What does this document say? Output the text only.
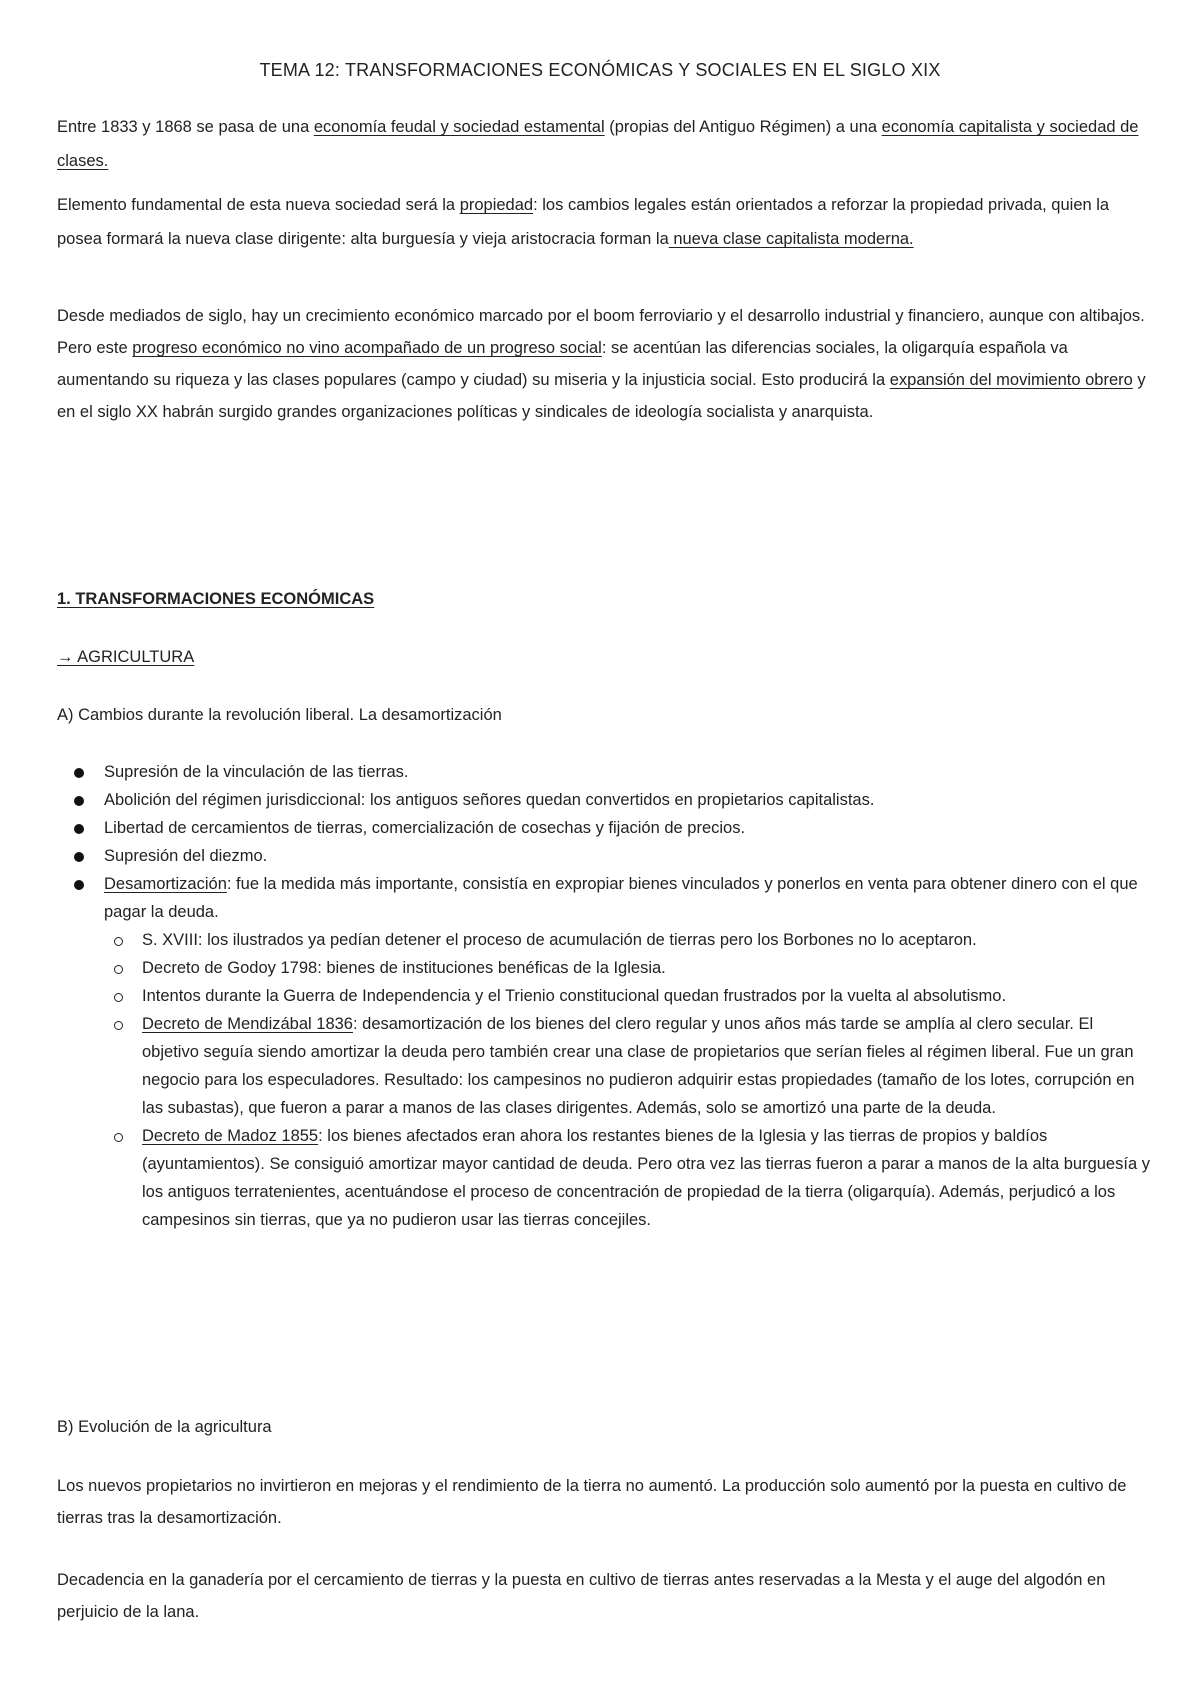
TEMA 12: TRANSFORMACIONES ECONÓMICAS Y SOCIALES EN EL SIGLO XIX

Entre 1833 y 1868 se pasa de una economía feudal y sociedad estamental (propias del Antiguo Régimen) a una economía capitalista y sociedad de clases.

Elemento fundamental de esta nueva sociedad será la propiedad: los cambios legales están orientados a reforzar la propiedad privada, quien la posea formará la nueva clase dirigente: alta burguesía y vieja aristocracia forman la nueva clase capitalista moderna.

Desde mediados de siglo, hay un crecimiento económico marcado por el boom ferroviario y el desarrollo industrial y financiero, aunque con altibajos. Pero este progreso económico no vino acompañado de un progreso social: se acentúan las diferencias sociales, la oligarquía española va aumentando su riqueza y las clases populares (campo y ciudad) su miseria y la injusticia social. Esto producirá la expansión del movimiento obrero y en el siglo XX habrán surgido grandes organizaciones políticas y sindicales de ideología socialista y anarquista.

1. TRANSFORMACIONES ECONÓMICAS
→ AGRICULTURA
A) Cambios durante la revolución liberal. La desamortización
Supresión de la vinculación de las tierras.
Abolición del régimen jurisdiccional: los antiguos señores quedan convertidos en propietarios capitalistas.
Libertad de cercamientos de tierras, comercialización de cosechas y fijación de precios.
Supresión del diezmo.
Desamortización: fue la medida más importante, consistía en expropiar bienes vinculados y ponerlos en venta para obtener dinero con el que pagar la deuda.
S. XVIII: los ilustrados ya pedían detener el proceso de acumulación de tierras pero los Borbones no lo aceptaron.
Decreto de Godoy 1798: bienes de instituciones benéficas de la Iglesia.
Intentos durante la Guerra de Independencia y el Trienio constitucional quedan frustrados por la vuelta al absolutismo.
Decreto de Mendizábal 1836: desamortización de los bienes del clero regular y unos años más tarde se amplía al clero secular. El objetivo seguía siendo amortizar la deuda pero también crear una clase de propietarios que serían fieles al régimen liberal. Fue un gran negocio para los especuladores. Resultado: los campesinos no pudieron adquirir estas propiedades (tamaño de los lotes, corrupción en las subastas), que fueron a parar a manos de las clases dirigentes. Además, solo se amortizó una parte de la deuda.
Decreto de Madoz 1855: los bienes afectados eran ahora los restantes bienes de la Iglesia y las tierras de propios y baldíos (ayuntamientos). Se consiguió amortizar mayor cantidad de deuda. Pero otra vez las tierras fueron a parar a manos de la alta burguesía y los antiguos terratenientes, acentuándose el proceso de concentración de propiedad de la tierra (oligarquía). Además, perjudicó a los campesinos sin tierras, que ya no pudieron usar las tierras concejiles.
B) Evolución de la agricultura

Los nuevos propietarios no invirtieron en mejoras y el rendimiento de la tierra no aumentó. La producción solo aumentó por la puesta en cultivo de tierras tras la desamortización.

Decadencia en la ganadería por el cercamiento de tierras y la puesta en cultivo de tierras antes reservadas a la Mesta y el auge del algodón en perjuicio de la lana.
